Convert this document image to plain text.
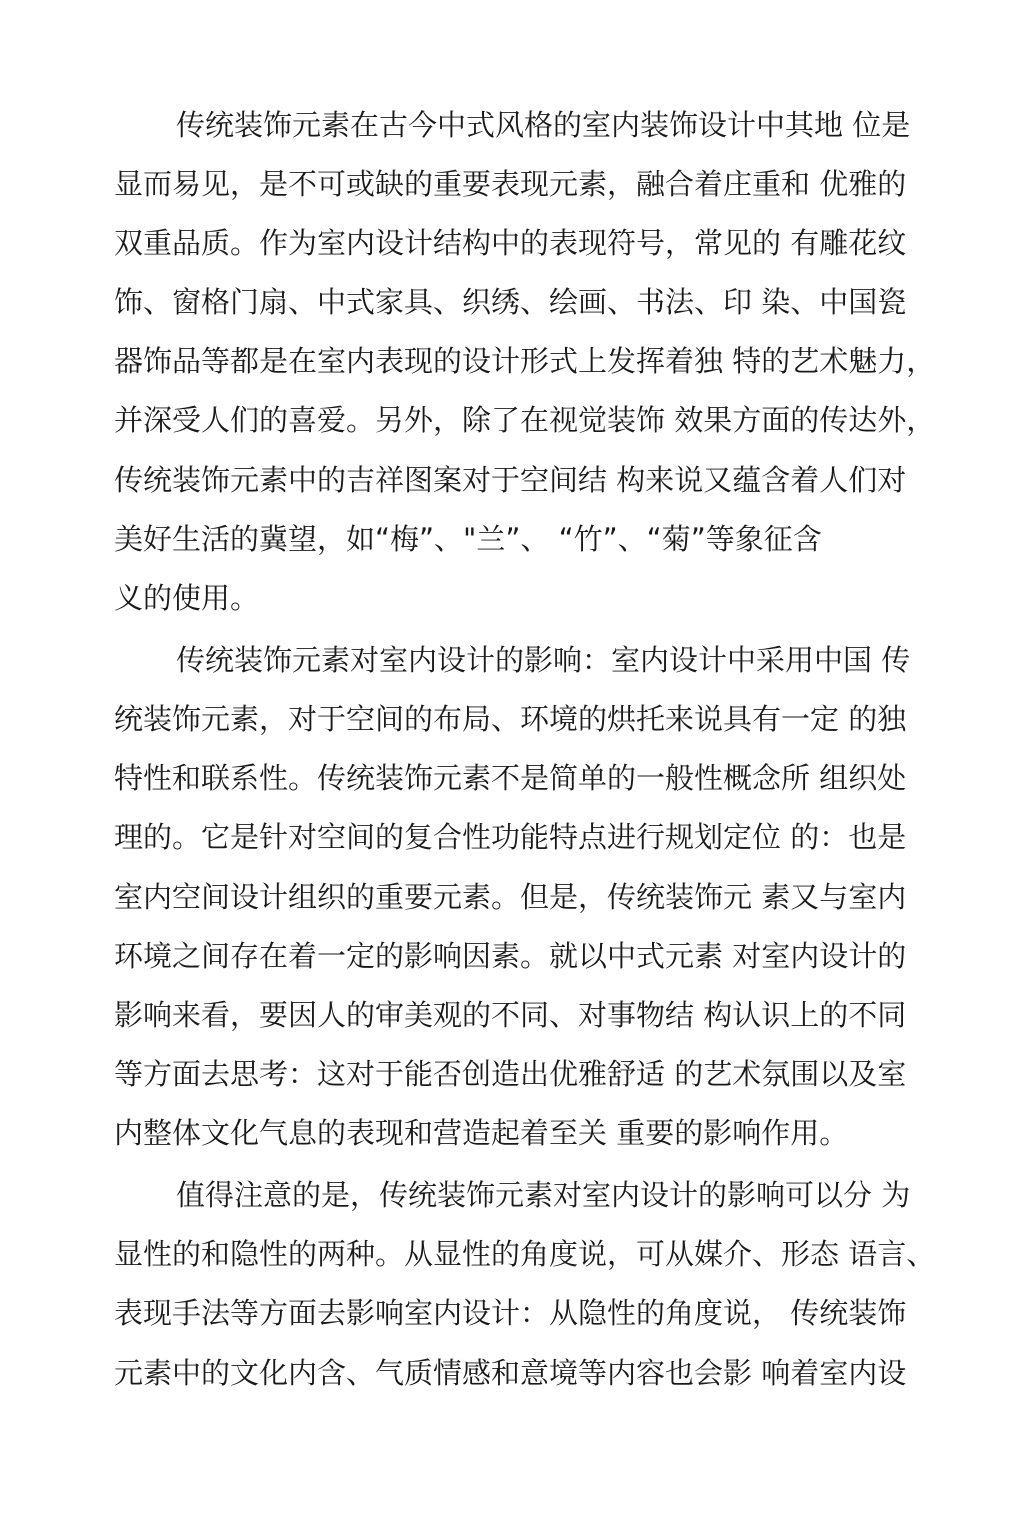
传统装饰元素在古今中式风格的室内装饰设计中其地 位是
显而易见，是不可或缺的重要表现元素，融合着庄重和 优雅的
双重品质。作为室内设计结构中的表现符号，常见的 有雕花纹
饰、窗格门扇、中式家具、织绣、绘画、书法、印 染、中国瓷
器饰品等都是在室内表现的设计形式上发挥着独 特的艺术魅力，
并深受人们的喜爱。另外，除了在视觉装饰 效果方面的传达外，
传统装饰元素中的吉祥图案对于空间结 构来说又蕴含着人们对
美好生活的冀望，如“梅”、"兰”、 “竹”、“菊”等象征含
义的使用。
传统装饰元素对室内设计的影响：室内设计中采用中国 传
统装饰元素，对于空间的布局、环境的烘托来说具有一定 的独
特性和联系性。传统装饰元素不是简单的一般性概念所 组织处
理的。它是针对空间的复合性功能特点进行规划定位 的：也是
室内空间设计组织的重要元素。但是，传统装饰元 素又与室内
环境之间存在着一定的影响因素。就以中式元素 对室内设计的
影响来看，要因人的审美观的不同、对事物结 构认识上的不同
等方面去思考：这对于能否创造出优雅舒适 的艺术氛围以及室
内整体文化气息的表现和营造起着至关 重要的影响作用。
值得注意的是，传统装饰元素对室内设计的影响可以分 为
显性的和隐性的两种。从显性的角度说，可从媒介、形态 语言、
表现手法等方面去影响室内设计：从隐性的角度说， 传统装饰
元素中的文化内含、气质情感和意境等内容也会影 响着室内设
